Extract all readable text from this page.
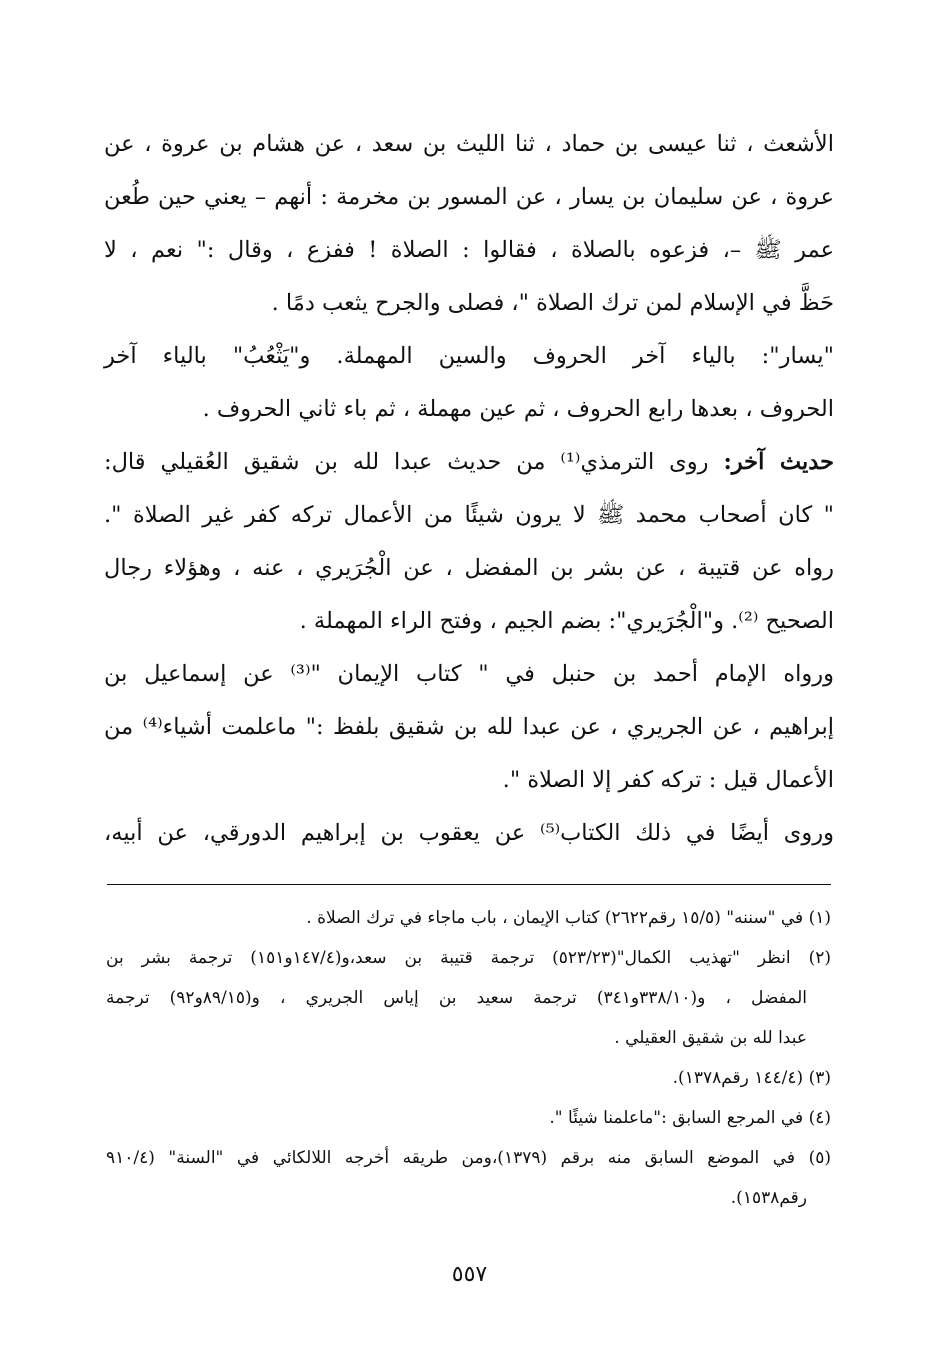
الأشعث ، ثنا عيسى بن حماد ، ثنا الليث بن سعد ، عن هشام بن عروة ، عن
عروة ، عن سليمان بن يسار ، عن المسور بن مخرمة : أنهم – يعني حين طُعن
عمر ﷺ –، فزعوه بالصلاة ، فقالوا : الصلاة ! ففزع ، وقال :" نعم ، لا
حَظَّ في الإسلام لمن ترك الصلاة "، فصلى والجرح يثعب دمًا .
"يسار": بالياء آخر الحروف والسين المهملة. و"يَثْعُبُ" بالياء آخر
الحروف ، بعدها رابع الحروف ، ثم عين مهملة ، ثم باء ثاني الحروف .
حديث آخر: روى الترمذي⁽¹⁾ من حديث عبدا لله بن شقيق العُقيلي قال:
" كان أصحاب محمد ﷺ لا يرون شيئًا من الأعمال تركه كفر غير الصلاة ".
رواه عن قتيبة ، عن بشر بن المفضل ، عن الْجُرَيري ، عنه ، وهؤلاء رجال
الصحيح ⁽²⁾. و"الْجُرَيري": بضم الجيم ، وفتح الراء المهملة .
ورواه الإمام أحمد بن حنبل في " كتاب الإيمان "⁽³⁾ عن إسماعيل بن
إبراهيم ، عن الجريري ، عن عبدا لله بن شقيق بلفظ :" ماعلمت أشياء⁽⁴⁾ من
الأعمال قيل : تركه كفر إلا الصلاة ".
وروى أيضًا في ذلك الكتاب⁽⁵⁾ عن يعقوب بن إبراهيم الدورقي، عن أبيه،
(١) في "سننه" (١٥/٥ رقم٢٦٢٢) كتاب الإيمان ، باب ماجاء في ترك الصلاة .
(٢) انظر "تهذيب الكمال"(٥٢٣/٢٣) ترجمة قتيبة بن سعد،و(١٤٧/٤و١٥١) ترجمة بشر بن
المفضل ، و(٣٣٨/١٠و٣٤١) ترجمة سعيد بن إياس الجريري ، و(٨٩/١٥و٩٢) ترجمة
عبدا لله بن شقيق العقيلي .
(٣) (١٤٤/٤ رقم١٣٧٨).
(٤) في المرجع السابق :"ماعلمنا شيئًا ".
(٥) في الموضع السابق منه برقم (١٣٧٩)،ومن طريقه أخرجه اللالكائي في "السنة" (٩١٠/٤
رقم١٥٣٨).
٥٥٧
